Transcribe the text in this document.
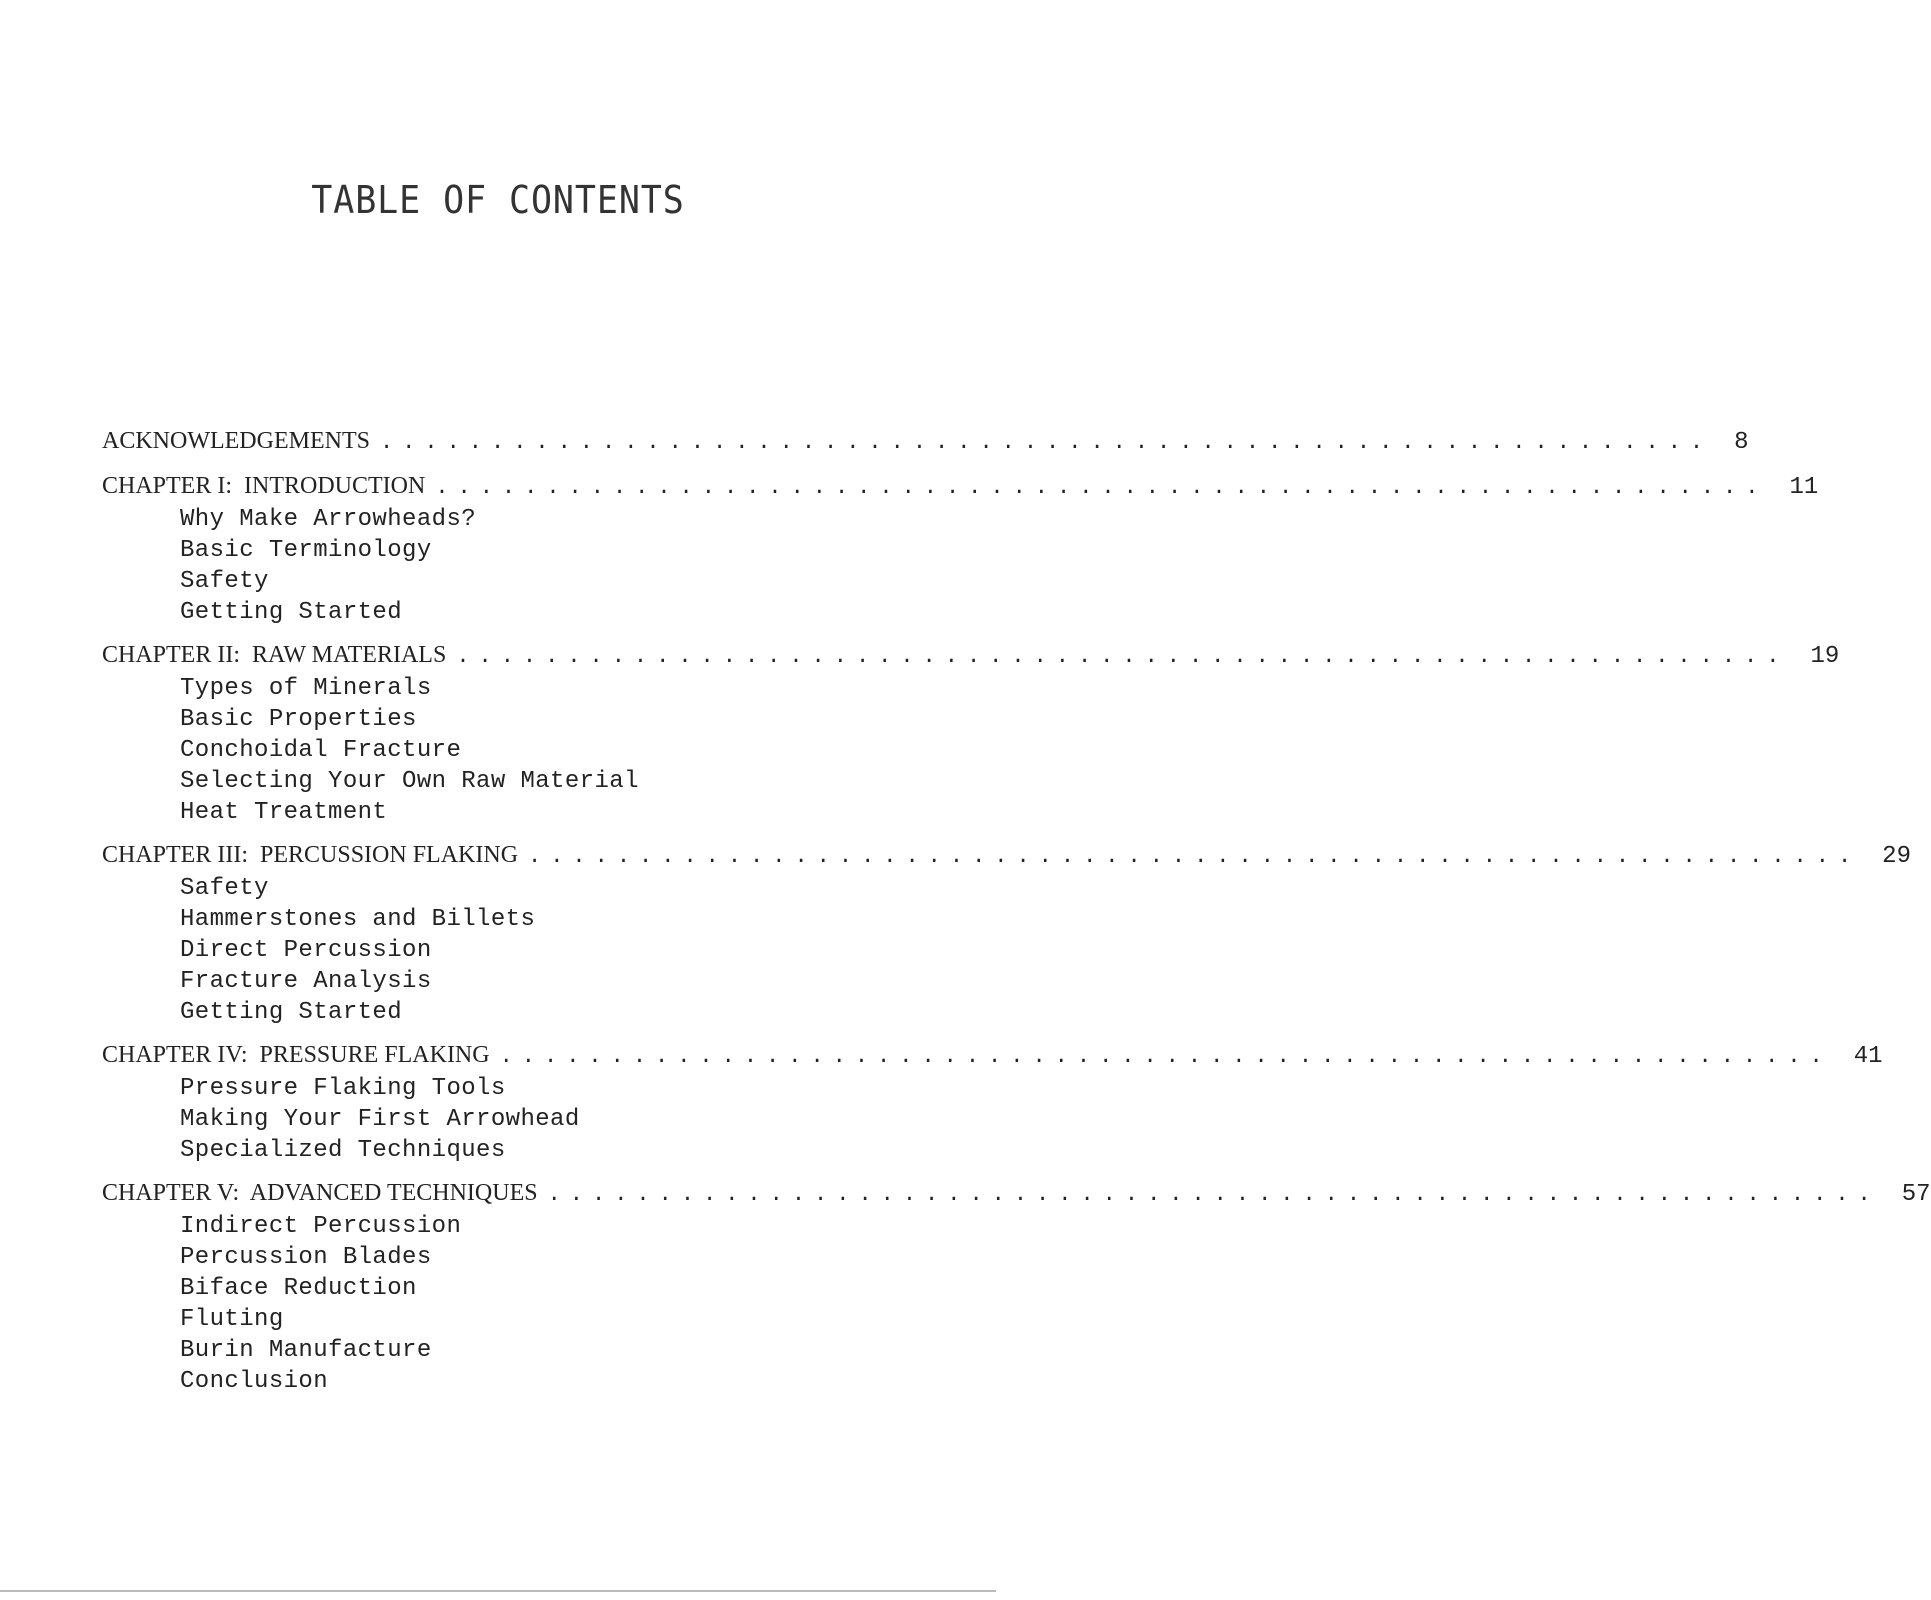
TABLE OF CONTENTS
ACKNOWLEDGEMENTS ............................................................ 8
CHAPTER I:  INTRODUCTION ............................................................ 11
Why Make Arrowheads?
Basic Terminology
Safety
Getting Started
CHAPTER II:  RAW MATERIALS ............................................................ 19
Types of Minerals
Basic Properties
Conchoidal Fracture
Selecting Your Own Raw Material
Heat Treatment
CHAPTER III:  PERCUSSION FLAKING ............................................................ 29
Safety
Hammerstones and Billets
Direct Percussion
Fracture Analysis
Getting Started
CHAPTER IV:  PRESSURE FLAKING ............................................................ 41
Pressure Flaking Tools
Making Your First Arrowhead
Specialized Techniques
CHAPTER V:  ADVANCED TECHNIQUES ............................................................ 57
Indirect Percussion
Percussion Blades
Biface Reduction
Fluting
Burin Manufacture
Conclusion
